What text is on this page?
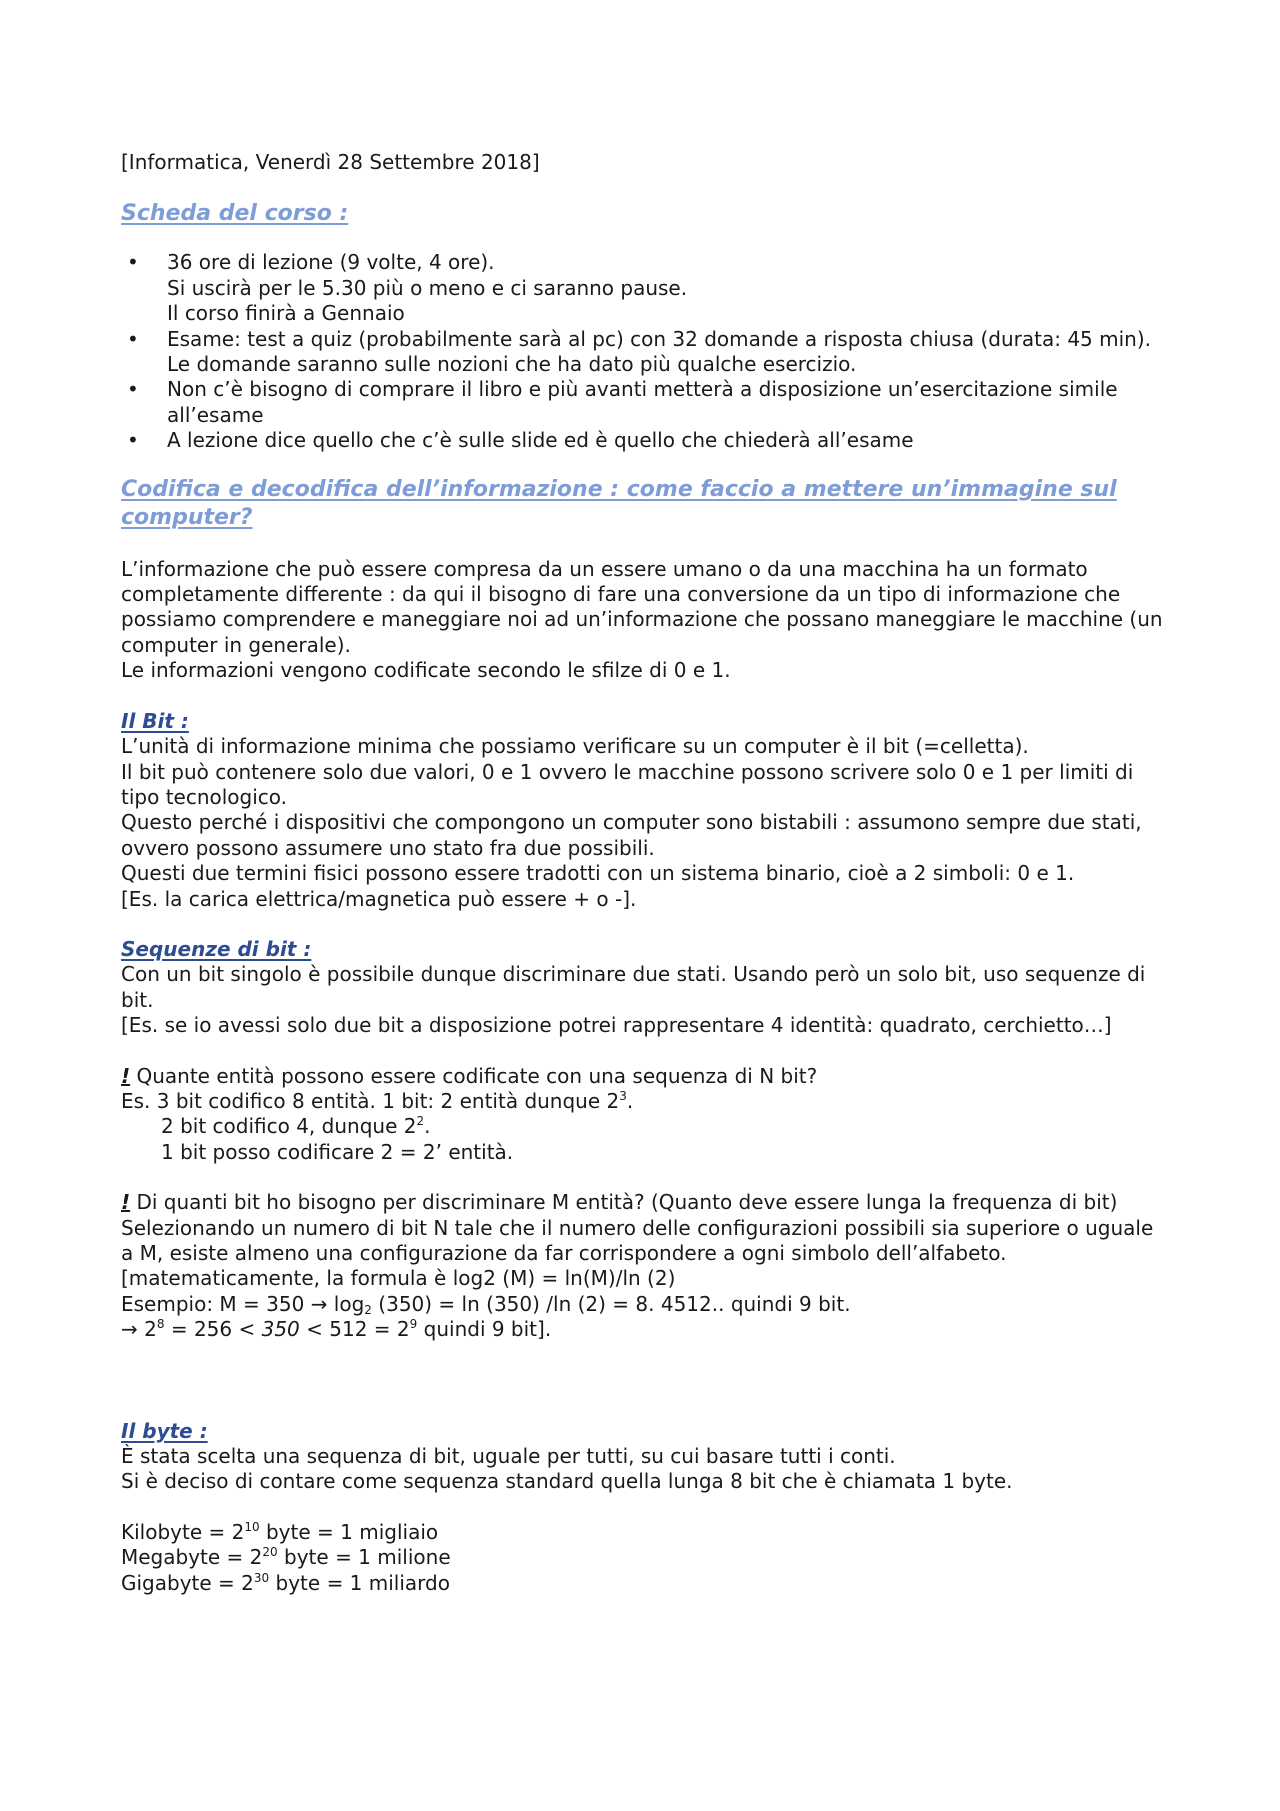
[Informatica, Venerdì 28 Settembre 2018]

Scheda del corso :

• 36 ore di lezione (9 volte, 4 ore).
Si uscirà per le 5.30 più o meno e ci saranno pause.
Il corso finirà a Gennaio
• Esame: test a quiz (probabilmente sarà al pc) con 32 domande a risposta chiusa (durata: 45 min). Le domande saranno sulle nozioni che ha dato più qualche esercizio.
• Non c’è bisogno di comprare il libro e più avanti metterà a disposizione un’esercitazione simile all’esame
• A lezione dice quello che c’è sulle slide ed è quello che chiederà all’esame

Codifica e decodifica dell’informazione : come faccio a mettere un’immagine sul computer?

L’informazione che può essere compresa da un essere umano o da una macchina ha un formato completamente differente : da qui il bisogno di fare una conversione da un tipo di informazione che possiamo comprendere e maneggiare noi ad un’informazione che possano maneggiare le macchine (un computer in generale).

Le informazioni vengono codificate secondo le sfilze di 0 e 1.

Il Bit :

L’unità di informazione minima che possiamo verificare su un computer è il bit (=celletta).

Il bit può contenere solo due valori, 0 e 1 ovvero le macchine possono scrivere solo 0 e 1 per limiti di tipo tecnologico.

Questo perché i dispositivi che compongono un computer sono bistabili : assumono sempre due stati, ovvero possono assumere uno stato fra due possibili.

Questi due termini fisici possono essere tradotti con un sistema binario, cioè a 2 simboli: 0 e 1.

[Es. la carica elettrica/magnetica può essere + o -].

Sequenze di bit :

Con un bit singolo è possibile dunque discriminare due stati. Usando però un solo bit, uso sequenze di bit.

[Es. se io avessi solo due bit a disposizione potrei rappresentare 4 identità: quadrato, cerchietto…]

! Quante entità possono essere codificate con una sequenza di N bit?

Es. 3 bit codifico 8 entità. 1 bit: 2 entità dunque $2^3$.

2 bit codifico 4, dunque $2^2$.

1 bit posso codificare 2 = 2’ entità.

! Di quanti bit ho bisogno per discriminare M entità? (Quanto deve essere lunga la frequenza di bit)

Selezionando un numero di bit N tale che il numero delle configurazioni possibili sia superiore o uguale a M, esiste almeno una configurazione da far corrispondere a ogni simbolo dell’alfabeto.

[matematicamente, la formula è log2 (M) = ln(M)/ln (2)

Esempio: $M = 350 \to \log_2 (350) = \ln (350)$ /ln (2) = 8. 4512.. quindi 9 bit.

→ $2^8 = 256 < 350 < 512 = 2^9$ quindi 9 bit].

Il byte :

È stata scelta una sequenza di bit, uguale per tutti, su cui basare tutti i conti.

Si è deciso di contare come sequenza standard quella lunga 8 bit che è chiamata 1 byte.

Kilobyte = $2^{10}$ byte = 1 migliaio

Megabyte = $2^{20}$ byte = 1 milione

Gigabyte = $2^{30}$ byte = 1 miliardo
